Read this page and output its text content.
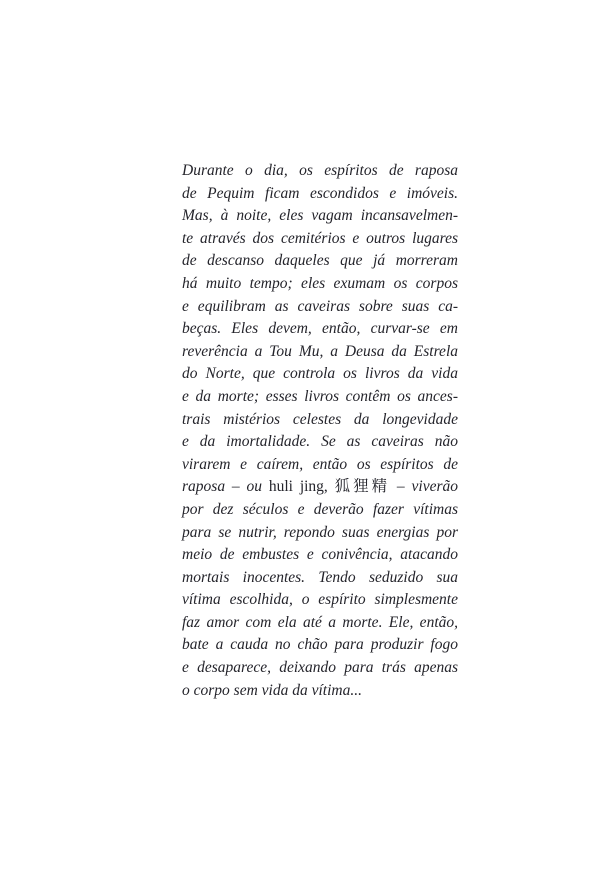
Durante o dia, os espíritos de raposa
de Pequim ficam escondidos e imóveis.
Mas, à noite, eles vagam incansavelmen-
te através dos cemitérios e outros lugares
de descanso daqueles que já morreram
há muito tempo; eles exumam os corpos
e equilibram as caveiras sobre suas ca-
beças. Eles devem, então, curvar-se em
reverência a Tou Mu, a Deusa da Estrela
do Norte, que controla os livros da vida
e da morte; esses livros contêm os ances-
trais mistérios celestes da longevidade
e da imortalidade. Se as caveiras não
virarem e caírem, então os espíritos de
raposa – ou huli jing, 狐狸精 – viverão
por dez séculos e deverão fazer vítimas
para se nutrir, repondo suas energias por
meio de embustes e conivência, atacando
mortais inocentes. Tendo seduzido sua
vítima escolhida, o espírito simplesmente
faz amor com ela até a morte. Ele, então,
bate a cauda no chão para produzir fogo
e desaparece, deixando para trás apenas
o corpo sem vida da vítima...
